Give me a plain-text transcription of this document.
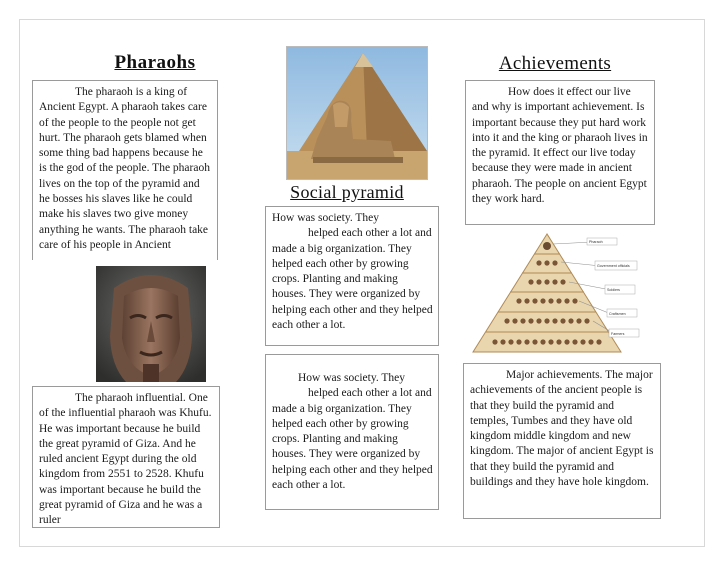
Pharaohs

The pharaoh is a king of Ancient Egypt. A pharaoh takes care of the people to the people not get hurt. The pharaoh gets blamed when some thing bad happens because he is the god of the people. The pharaoh lives on the top of the pyramid and he bosses his slaves like he could make his slaves two give money anything he wants. The pharaoh take care of his people in Ancient

The pharaoh influential. One of the influential pharaoh was Khufu. He was important because he build the great pyramid of Giza. And he ruled ancient Egypt during the old kingdom from 2551 to 2528. Khufu was important because he build the great pyramid of Giza and he was a ruler

Social pyramid

How was society. They

helped each other a lot and made a big organization. They helped each other by growing crops. Planting and making houses. They were organized by helping each other and they helped each other a lot.

How was society. They

helped each other a lot and made a big organization. They helped each other by growing crops. Planting and making houses. They were organized by helping each other and they helped each other a lot.

Achievements

How does it effect our live and why is important achievement. Is important because they put hard work into it and the king or pharaoh lives in the pyramid. It effect our live today because they were made in ancient pharaoh. The people on ancient Egypt they work hard.

Pharaoh
Government officials
Soldiers
Craftsmen
Farmers

Major achievements. The major achievements of the ancient people is that they build the pyramid and temples, Tumbes and they have old kingdom middle kingdom and new kingdom. The major of ancient Egypt is that they build the pyramid and buildings and they have hole kingdom.
